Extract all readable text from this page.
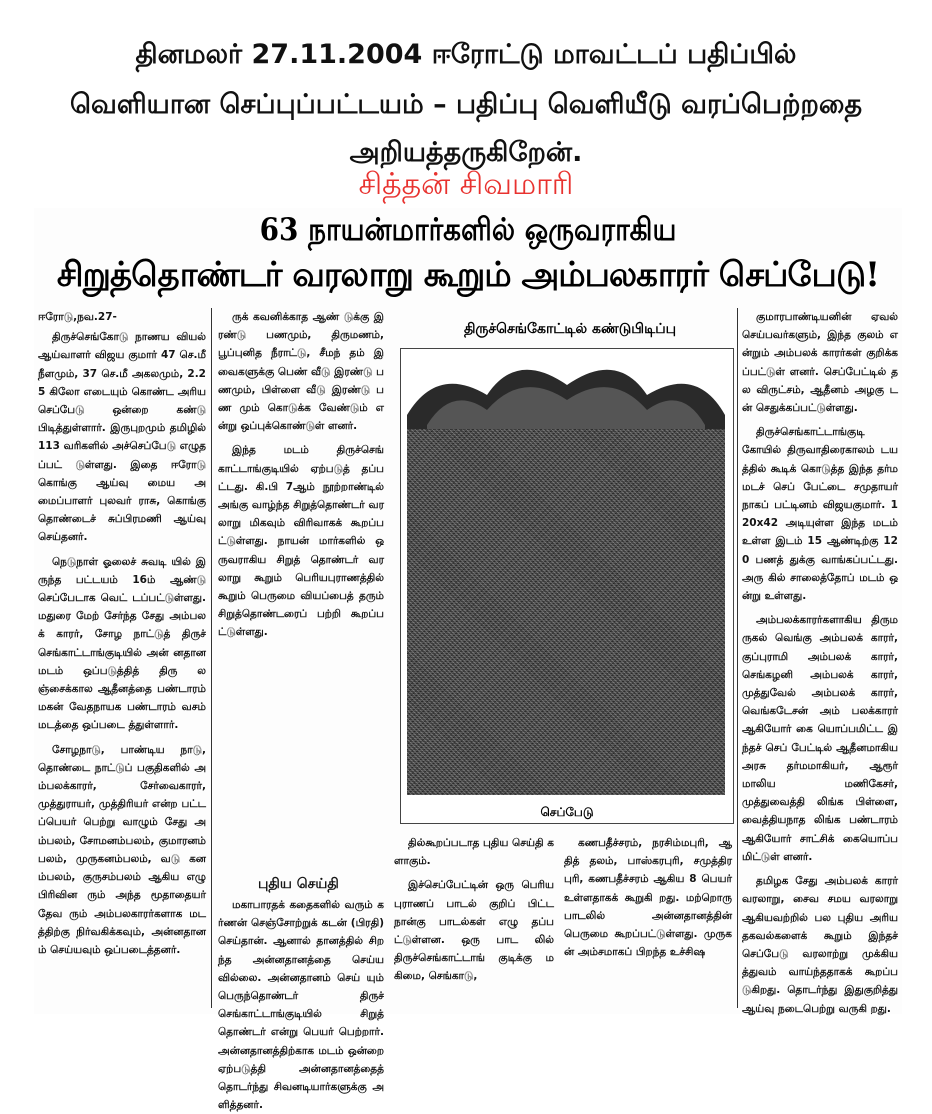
தினமலர் 27.11.2004 ஈரோட்டு மாவட்டப் பதிப்பில்
வெளியான செப்புப்பட்டயம் – பதிப்பு வெளியீடு வரப்பெற்றதை
அறியத்தருகிறேன்.
சித்தன் சிவமாரி
63 நாயன்மார்களில் ஒருவராகிய
சிறுத்தொண்டர் வரலாறு கூறும் அம்பலகாரர் செப்பேடு!
ஈரோடு,நவ.27-

திருச்செங்கோடு நாணய வியல் ஆய்வாளர் விஜய குமார் 47 செ.மீ நீளமும், 37 செ.மீ அகலமும், 2.25 கிலோ எடையும் கொண்ட அரிய செப்பேடு ஒன்றை கண்டு பிடித்துள்ளார். இருபுறமும் தமிழில் 113 வரிகளில் அச்செப்பேடு எழுதப்பட் டுள்ளது. இதை ஈரோடு கொங்கு ஆய்வு மைய அமைப்பாளர் புலவர் ராசு, கொங்கு தொண்டைச் சுப்பிரமணி ஆய்வு செய்தனர்.

நெடுநாள் ஓலைச் சுவடி யில் இருந்த பட்டயம் 16ம் ஆண்டு செப்பேடாக வெட் டப்பட்டுள்ளது. மதுரை மேற் சேர்ந்த சேது அம்பலக் காரர், சோழ நாட்டுத் திருச் செங்காட்டாங்குடியில் அன் னதான மடம் ஒப்படுத்தித் திரு லஞ்சைக்கால ஆதீனத்தை பண்டாரம் மகன் வேதநாயக பண்டாரம் வசம் மடத்தை ஒப்படை த்துள்ளார்.

சோழநாடு, பாண்டிய நாடு, தொண்டை நாட்டுப் பகுதிகளில் அம்பலக்காரர், சேர்வைகாரர், முத்துராயர், முத்திரியர் என்ற பட்டப்பெயர் பெற்று வாழும் சேது அம்பலம், சோமனம்பலம், குமாரனம் பலம், முருகனம்பலம், வடு கனம்பலம், குருசம்பலம் ஆகிய எழு பிரிவின ரும் அந்த மூதாதையர் தேவ ரும் அம்பலகாரர்களாக மடத்திற்கு நிர்வகிக்கவும், அன்னதானம் செய்யவும் ஒப்படைத்தனர்.

ருக் கவனிக்காத ஆண் டுக்கு இரண்டு பணமும், திருமணம், பூப்புனித நீராட்டு, சீமந் தம் இவைகளுக்கு பெண் வீடு இரண்டு பணமும், பிள்ளை வீடு இரண்டு பண மும் கொடுக்க வேண்டும் என்று ஒப்புக்கொண்டுள் ளனர்.

இந்த மடம் திருச்செங் காட்டாங்குடியில் ஏற்படுத் தப்பட்டது. கி.பி 7ஆம் நூற்றாண்டில் அங்கு வாழ்ந்த சிறுத்தொண்டர் வரலாறு மிகவும் விரிவாகக் கூறப்பட்டுள்ளது. நாயன் மார்களில் ஒருவராகிய சிறுத் தொண்டர் வரலாறு கூறும் பெரியபுராணத்தில் கூறும் பெருமை வியப்பைத் தரும் சிறுத்தொண்டரைப் பற்றி கூறப்பட்டுள்ளது.

புதிய செய்தி

மகாபாரதக் கதைகளில் வரும் கர்ணன் செஞ்சோற்றுக் கடன் (பிரதி) செய்தான். ஆனால் தானத்தில் சிறந்த அன்னதானத்தை செய்ய வில்லை. அன்னதானம் செய் யும் பெருந்தொண்டர் திருச் செங்காட்டாங்குடியில் சிறுத் தொண்டர் என்று பெயர் பெற்றார். அன்னதானத்திற்காக மடம் ஒன்றை ஏற்படுத்தி அன்னதானத்தைத் தொடர்ந்து சிவனடியார்களுக்கு அளித்தனர்.

திருச்செங்கோட்டில் கண்டுபிடிப்பு
செப்பேடு

தில்கூறப்படாத புதிய செய்தி களாகும்.

இச்செப்பேட்டின் ஒரு பெரியபுராணப் பாடல் குறிப் பிட்ட நான்கு பாடல்கள் எழு தப்பட்டுள்ளன. ஒரு பாட லில் திருச்செங்காட்டாங் குடிக்கு மகிமை, செங்காடு,

கணபதீச்சரம், நரசிம்மபுரி, ஆதித் தலம், பாஸ்கரபுரி, சமுத்திர புரி, கணபதீச்சரம் ஆகிய 8 பெயர் உள்ளதாகக் கூறுகி றது. மற்றொரு பாடலில் அன்னதானத்தின் பெருமை கூறப்பட்டுள்ளது. முருகன் அம்சமாகப் பிறந்த உச்சிஷ

குமாரபாண்டியனின் ஏவல் செய்பவர்களும், இந்த குலம் என்றும் அம்பலக் காரர்கள் குறிக்கப்பட்டுள் ளனர். செப்பேட்டில் தல விருட்சம், ஆதீனம் அழகு டன் செதுக்கப்பட்டுள்ளது.

திருச்செங்காட்டாங்குடி கோயில் திருவாதிரைகாலம் டயத்தில் கூடிக் கொடுத்த இந்த தர்ம மடச் செப் பேட்டை சமுதாயர் நாகப் பட்டினம் விஜயகுமார். 120x42 அடியுள்ள இந்த மடம் உள்ள இடம் 15 ஆண்டிற்கு 120 பணத் துக்கு வாங்கப்பட்டது. அரு கில் சாலைத்தோப் மடம் ஒன்று உள்ளது.

அம்பலக்காரர்களாகிய திருமருகல் வெங்கு அம்பலக் காரர், குப்புராமி அம்பலக் காரர், செங்கழனி அம்பலக் காரர், முத்துவேல் அம்பலக் காரர், வெங்கடேசன் அம் பலக்காரர் ஆகியோர் கை யொப்பமிட்ட இந்தச் செப் பேட்டில் ஆதீனமாகிய அரசு தர்மமாகியர், ஆரூர் மாலிய மணிகேசர், முத்துவைத்தி லிங்க பிள்ளை, வைத்தியநாத லிங்க பண்டாரம் ஆகியோர் சாட்சிக் கையொப்பமிட்டுள் ளனர்.

தமிழக சேது அம்பலக் காரர் வரலாறு, சைவ சமய வரலாறு ஆகியவற்றில் பல புதிய அரிய தகவல்களைக் கூறும் இந்தச் செப்பேடு வரலாற்று முக்கியத்துவம் வாய்ந்ததாகக் கூறப்படுகிறது. தொடர்ந்து இதுகுறித்து ஆய்வு நடைபெற்று வருகி றது.
